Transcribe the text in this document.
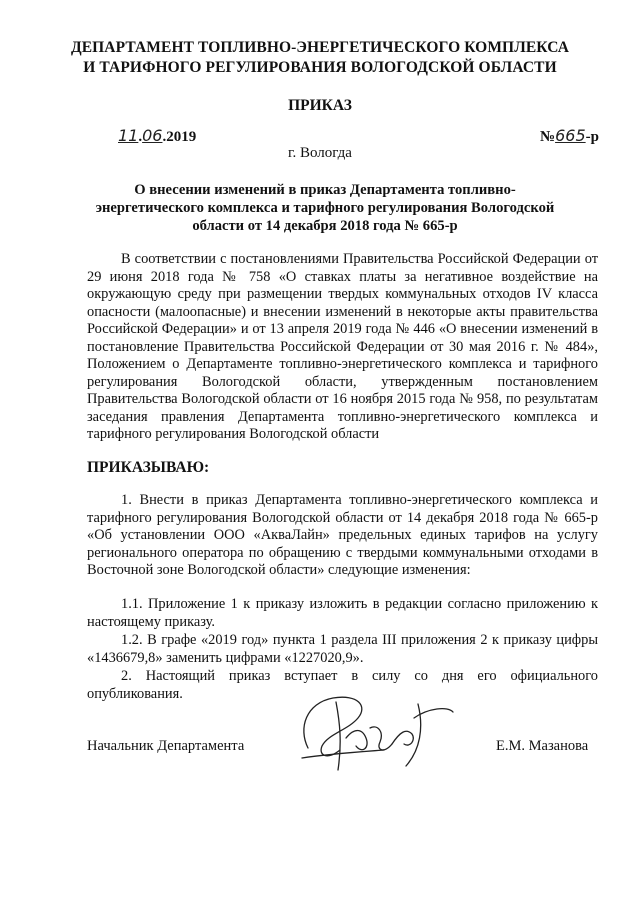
ДЕПАРТАМЕНТ ТОПЛИВНО-ЭНЕРГЕТИЧЕСКОГО КОМПЛЕКСА
И ТАРИФНОГО РЕГУЛИРОВАНИЯ ВОЛОГОДСКОЙ ОБЛАСТИ
ПРИКАЗ
11.06.2019	№665-р
г. Вологда
О внесении изменений в приказ Департамента топливно-
энергетического комплекса и тарифного регулирования Вологодской
области от 14 декабря 2018 года № 665-р

В соответствии с постановлениями Правительства Российской Федерации от 29 июня 2018 года № 758 «О ставках платы за негативное воздействие на окружающую среду при размещении твердых коммунальных отходов IV класса опасности (малоопасные) и внесении изменений в некоторые акты правительства Российской Федерации» и от 13 апреля 2019 года № 446 «О внесении изменений в постановление Правительства Российской Федерации от 30 мая 2016 г. № 484», Положением о Департаменте топливно-энергетического комплекса и тарифного регулирования Вологодской области, утвержденным постановлением Правительства Вологодской области от 16 ноября 2015 года № 958, по результатам заседания правления Департамента топливно-энергетического комплекса и тарифного регулирования Вологодской области

ПРИКАЗЫВАЮ:

1. Внести в приказ Департамента топливно-энергетического комплекса и тарифного регулирования Вологодской области от 14 декабря 2018 года № 665-р «Об установлении ООО «АкваЛайн» предельных единых тарифов на услугу регионального оператора по обращению с твердыми коммунальными отходами в Восточной зоне Вологодской области» следующие изменения:

1.1. Приложение 1 к приказу изложить в редакции согласно приложению к настоящему приказу.

1.2. В графе «2019 год» пункта 1 раздела III приложения 2 к приказу цифры «1436679,8» заменить цифрами «1227020,9».

2. Настоящий приказ вступает в силу со дня его официального опубликования.

Начальник Департамента	Е.М. Мазанова
